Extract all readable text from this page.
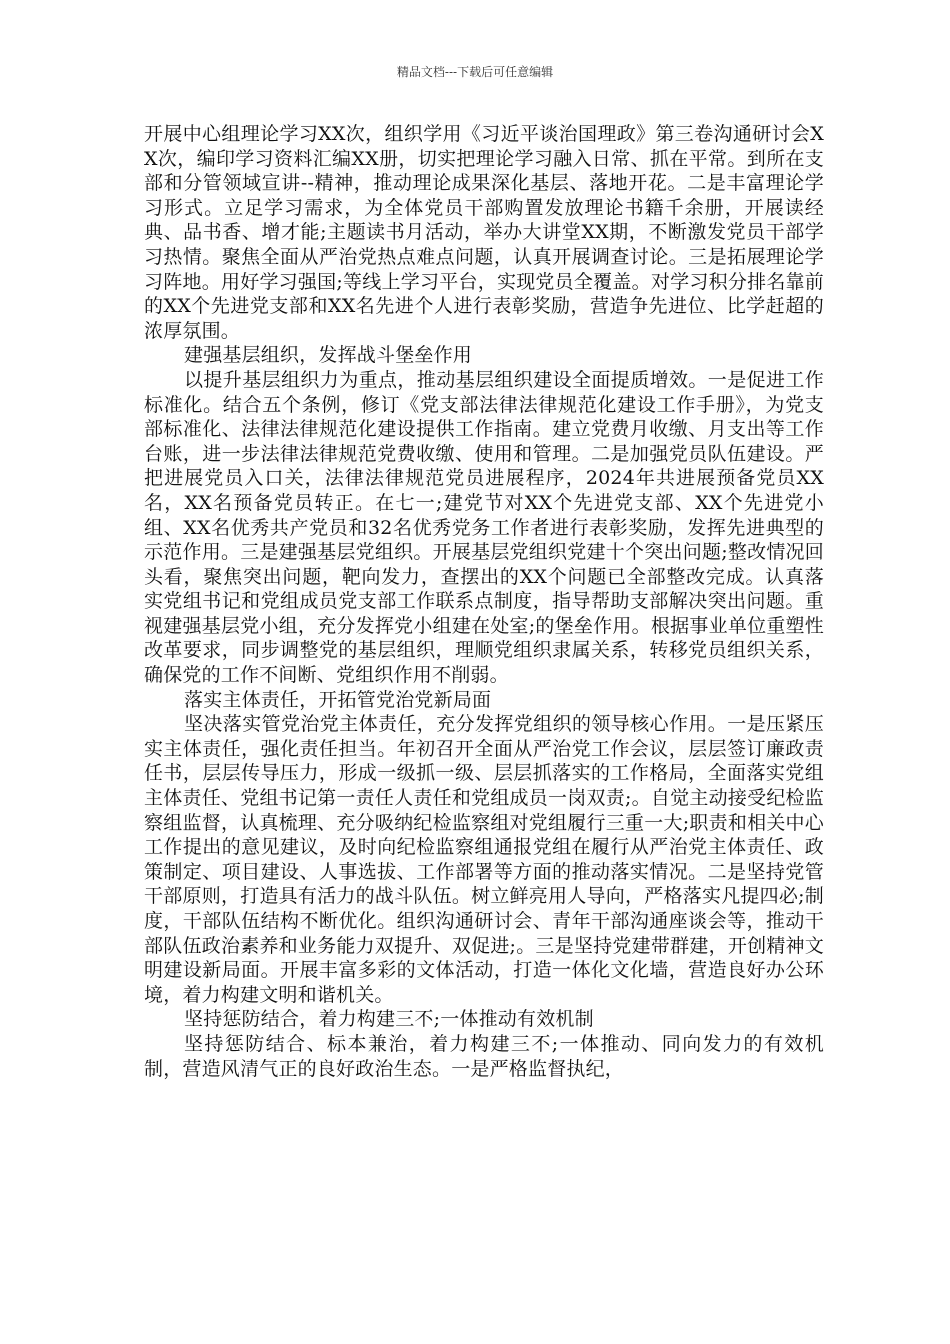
精品文档---下载后可任意编辑

开展中心组理论学习XX次，组织学用《习近平谈治国理政》第三卷沟通研讨会XX次，编印学习资料汇编XX册，切实把理论学习融入日常、抓在平常。到所在支部和分管领域宣讲--精神，推动理论成果深化基层、落地开花。二是丰富理论学习形式。立足学习需求，为全体党员干部购置发放理论书籍千余册，开展读经典、品书香、增才能;主题读书月活动，举办大讲堂XX期，不断激发党员干部学习热情。聚焦全面从严治党热点难点问题，认真开展调查讨论。三是拓展理论学习阵地。用好学习强国;等线上学习平台，实现党员全覆盖。对学习积分排名靠前的XX个先进党支部和XX名先进个人进行表彰奖励，营造争先进位、比学赶超的浓厚氛围。

建强基层组织，发挥战斗堡垒作用

以提升基层组织力为重点，推动基层组织建设全面提质增效。一是促进工作标准化。结合五个条例，修订《党支部法律法律规范化建设工作手册》，为党支部标准化、法律法律规范化建设提供工作指南。建立党费月收缴、月支出等工作台账，进一步法律法律规范党费收缴、使用和管理。二是加强党员队伍建设。严把进展党员入口关，法律法律规范党员进展程序，2024年共进展预备党员XX名，XX名预备党员转正。在七一;建党节对XX个先进党支部、XX个先进党小组、XX名优秀共产党员和32名优秀党务工作者进行表彰奖励，发挥先进典型的示范作用。三是建强基层党组织。开展基层党组织党建十个突出问题;整改情况回头看，聚焦突出问题，靶向发力，查摆出的XX个问题已全部整改完成。认真落实党组书记和党组成员党支部工作联系点制度，指导帮助支部解决突出问题。重视建强基层党小组，充分发挥党小组建在处室;的堡垒作用。根据事业单位重塑性改革要求，同步调整党的基层组织，理顺党组织隶属关系，转移党员组织关系，确保党的工作不间断、党组织作用不削弱。

落实主体责任，开拓管党治党新局面

坚决落实管党治党主体责任，充分发挥党组织的领导核心作用。一是压紧压实主体责任，强化责任担当。年初召开全面从严治党工作会议，层层签订廉政责任书，层层传导压力，形成一级抓一级、层层抓落实的工作格局，全面落实党组主体责任、党组书记第一责任人责任和党组成员一岗双责;。自觉主动接受纪检监察组监督，认真梳理、充分吸纳纪检监察组对党组履行三重一大;职责和相关中心工作提出的意见建议，及时向纪检监察组通报党组在履行从严治党主体责任、政策制定、项目建设、人事选拔、工作部署等方面的推动落实情况。二是坚持党管干部原则，打造具有活力的战斗队伍。树立鲜亮用人导向，严格落实凡提四必;制度，干部队伍结构不断优化。组织沟通研讨会、青年干部沟通座谈会等，推动干部队伍政治素养和业务能力双提升、双促进;。三是坚持党建带群建，开创精神文明建设新局面。开展丰富多彩的文体活动，打造一体化文化墙，营造良好办公环境，着力构建文明和谐机关。

坚持惩防结合，着力构建三不;一体推动有效机制

坚持惩防结合、标本兼治，着力构建三不;一体推动、同向发力的有效机制，营造风清气正的良好政治生态。一是严格监督执纪，
